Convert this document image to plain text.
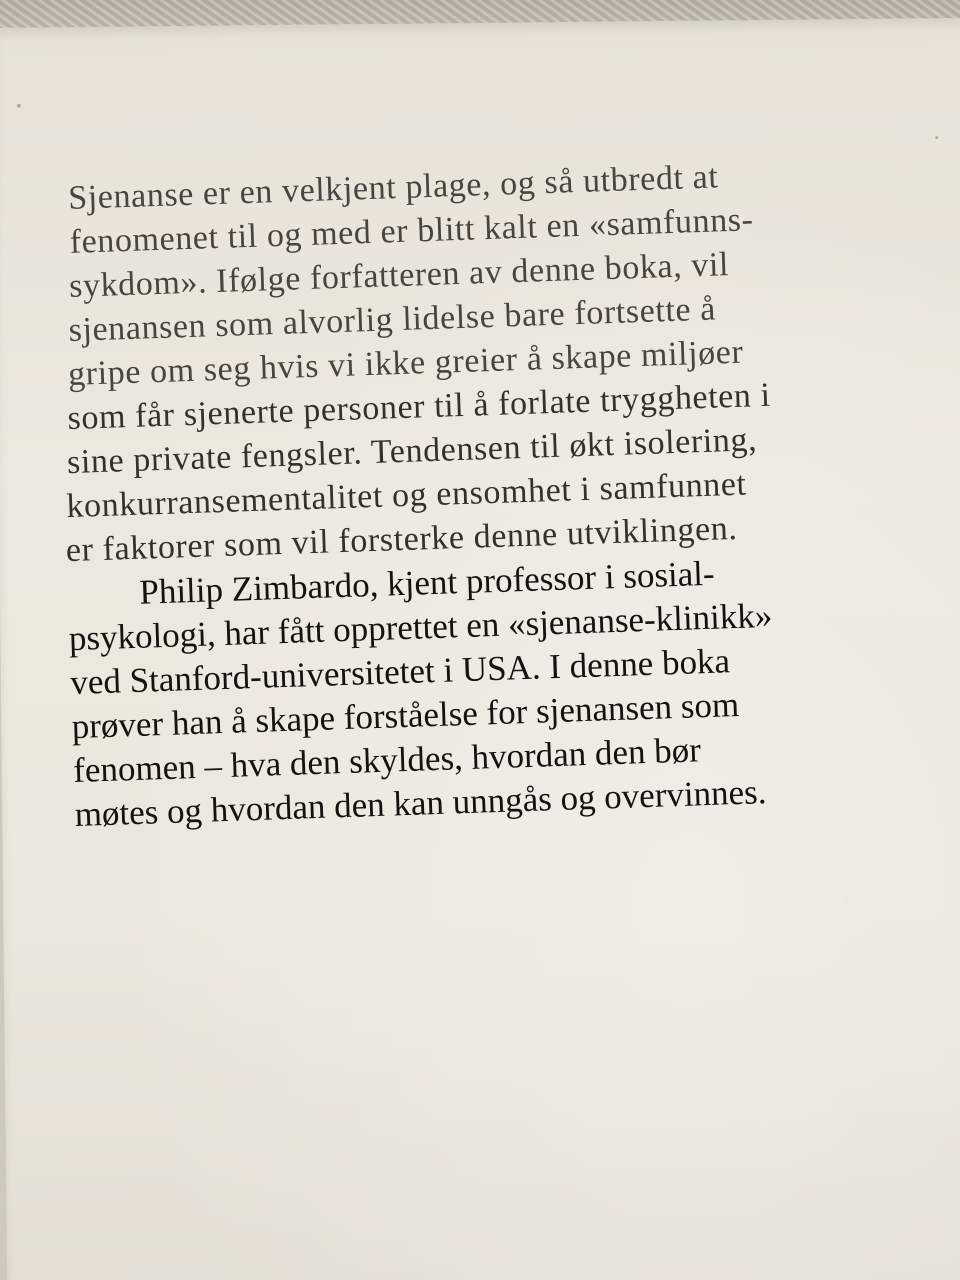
Sjenanse er en velkjent plage, og så utbredt at
fenomenet til og med er blitt kalt en «samfunns-
sykdom». Ifølge forfatteren av denne boka, vil
sjenansen som alvorlig lidelse bare fortsette å
gripe om seg hvis vi ikke greier å skape miljøer
som får sjenerte personer til å forlate tryggheten i
sine private fengsler. Tendensen til økt isolering,
konkurransementalitet og ensomhet i samfunnet
er faktorer som vil forsterke denne utviklingen.
Philip Zimbardo, kjent professor i sosial-
psykologi, har fått opprettet en «sjenanse-klinikk»
ved Stanford-universitetet i USA. I denne boka
prøver han å skape forståelse for sjenansen som
fenomen – hva den skyldes, hvordan den bør
møtes og hvordan den kan unngås og overvinnes.
